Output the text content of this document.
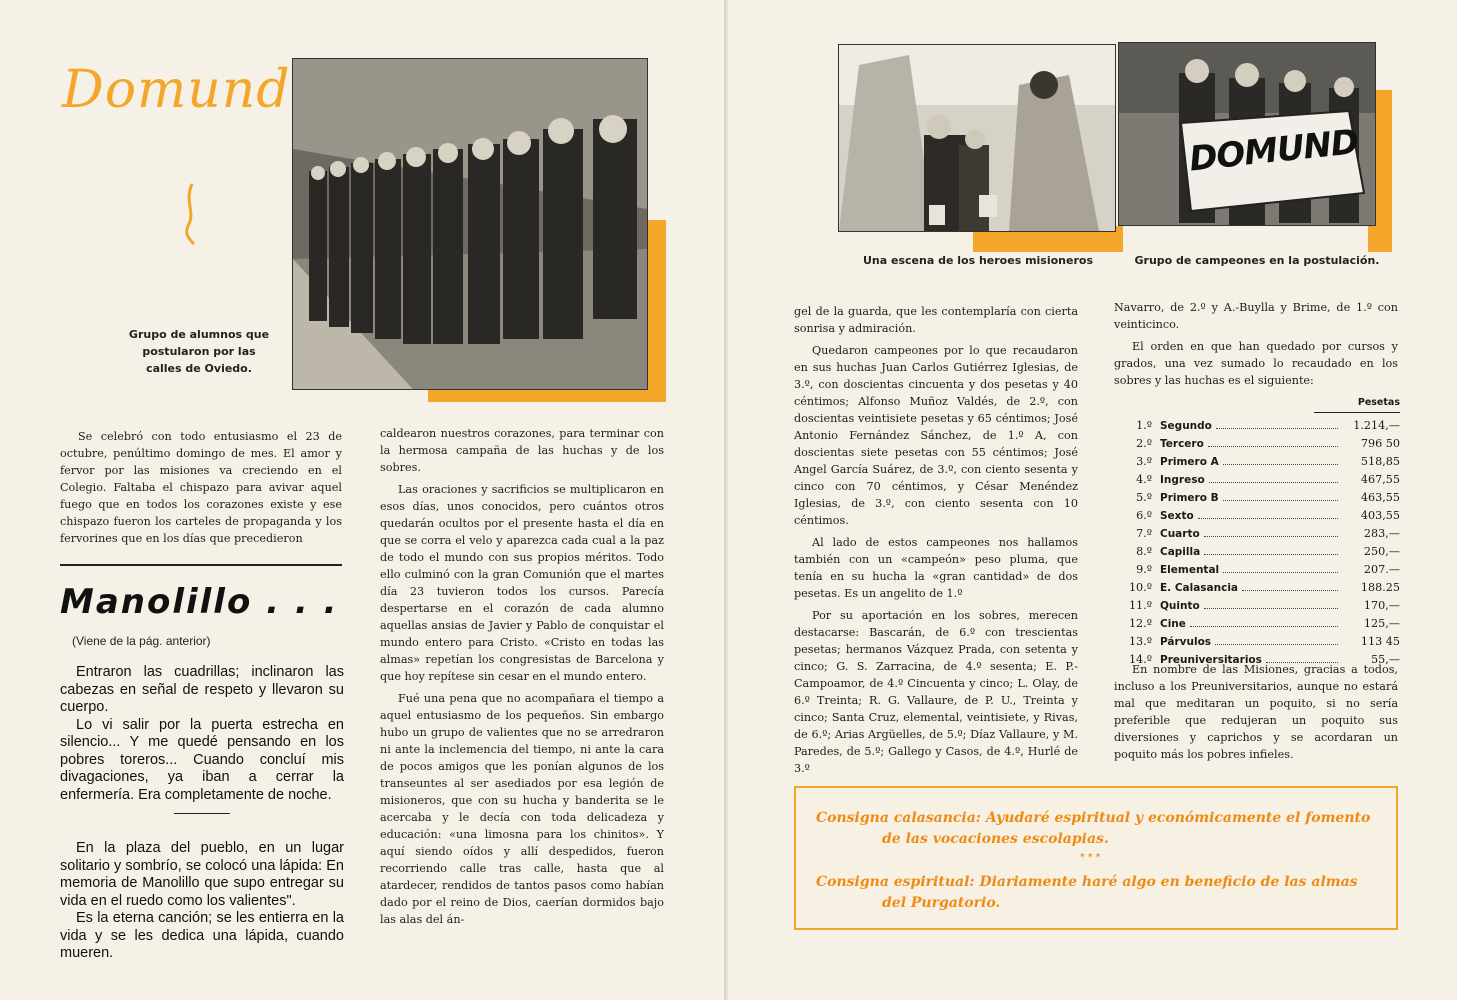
Domund
Grupo de alumnos que postularon por las calles de Oviedo.

Se celebró con todo entusiasmo el 23 de octubre, penúltimo domingo de mes. El amor y fervor por las misiones va creciendo en el Colegio. Faltaba el chispazo para avivar aquel fuego que en todos los corazones existe y ese chispazo fueron los carteles de propaganda y los fervorines que en los días que precedieron

Manolillo . . .
(Viene de la pág. anterior)

Entraron las cuadrillas; inclinaron las cabezas en señal de respeto y llevaron su cuerpo.

Lo vi salir por la puerta estrecha en silencio... Y me quedé pensando en los pobres toreros... Cuando concluí mis divagaciones, ya iban a cerrar la enfermería. Era completamente de noche.

En la plaza del pueblo, en un lugar solitario y sombrío, se colocó una lápida: En memoria de Manolillo que supo entregar su vida en el ruedo como los valientes".

Es la eterna canción; se les entierra en la vida y se les dedica una lápida, cuando mueren.

caldearon nuestros corazones, para terminar con la hermosa campaña de las huchas y de los sobres.

Las oraciones y sacrificios se multiplicaron en esos días, unos conocidos, pero cuántos otros quedarán ocultos por el presente hasta el día en que se corra el velo y aparezca cada cual a la paz de todo el mundo con sus propios méritos. Todo ello culminó con la gran Comunión que el martes día 23 tuvieron todos los cursos. Parecía despertarse en el corazón de cada alumno aquellas ansias de Javier y Pablo de conquistar el mundo entero para Cristo. «Cristo en todas las almas» repetían los congresistas de Barcelona y que hoy repítese sin cesar en el mundo entero.

Fué una pena que no acompañara el tiempo a aquel entusiasmo de los pequeños. Sin embargo hubo un grupo de valientes que no se arredraron ni ante la inclemencia del tiempo, ni ante la cara de pocos amigos que les ponían algunos de los transeuntes al ser asediados por esa legión de misioneros, que con su hucha y banderita se le acercaba y le decía con toda delicadeza y educación: «una limosna para los chinitos». Y aquí siendo oídos y allí despedidos, fueron recorriendo calle tras calle, hasta que al atardecer, rendidos de tantos pasos como habían dado por el reino de Dios, caerían dormidos bajo las alas del án-

DOMUND
Una escena de los heroes misioneros	Grupo de campeones en la postulación.

gel de la guarda, que les contemplaría con cierta sonrisa y admiración.

Quedaron campeones por lo que recaudaron en sus huchas Juan Carlos Gutiérrez Iglesias, de 3.º, con doscientas cincuenta y dos pesetas y 40 céntimos; Alfonso Muñoz Valdés, de 2.º, con doscientas veintisiete pesetas y 65 céntimos; José Antonio Fernández Sánchez, de 1.º A, con doscientas siete pesetas con 55 céntimos; José Angel García Suárez, de 3.º, con ciento sesenta y cinco con 70 céntimos, y César Menéndez Iglesias, de 3.º, con ciento sesenta con 10 céntimos.

Al lado de estos campeones nos hallamos también con un «campeón» peso pluma, que tenía en su hucha la «gran cantidad» de dos pesetas. Es un angelito de 1.º

Por su aportación en los sobres, merecen destacarse: Bascarán, de 6.º con trescientas pesetas; hermanos Vázquez Prada, con setenta y cinco; G. S. Zarracina, de 4.º sesenta; E. P.- Campoamor, de 4.º Cincuenta y cinco; L. Olay, de 6.º Treinta; R. G. Vallaure, de P. U., Treinta y cinco; Santa Cruz, elemental, veintisiete, y Rivas, de 6.º; Arias Argüelles, de 5.º; Díaz Vallaure, y M. Paredes, de 5.º; Gallego y Casos, de 4.º, Hurlé de 3.º

Navarro, de 2.º y A.-Buylla y Brime, de 1.º con veinticinco.

El orden en que han quedado por cursos y grados, una vez sumado lo recaudado en los sobres y las huchas es el siguiente:

Pesetas
1.º Segundo	1.214,—
2.º Tercero	796 50
3.º Primero A	518,85
4.º Ingreso	467,55
5.º Primero B	463,55
6.º Sexto	403,55
7.º Cuarto	283,—
8.º Capilla	250,—
9.º Elemental	207.—
10.º E. Calasancia	188.25
11.º Quinto	170,—
12.º Cine	125,—
13.º Párvulos	113 45
14.º Preuniversitarios	55,—

En nombre de las Misiones, gracias a todos, incluso a los Preuniversitarios, aunque no estará mal que meditaran un poquito, si no sería preferible que redujeran un poquito sus diversiones y caprichos y se acordaran un poquito más los pobres infieles.

Consigna calasancia: Ayudaré espiritual y económicamente el fomento
de las vocaciones escolapias.
* * *
Consigna espiritual: Diariamente haré algo en beneficio de las almas
del Purgatorio.
